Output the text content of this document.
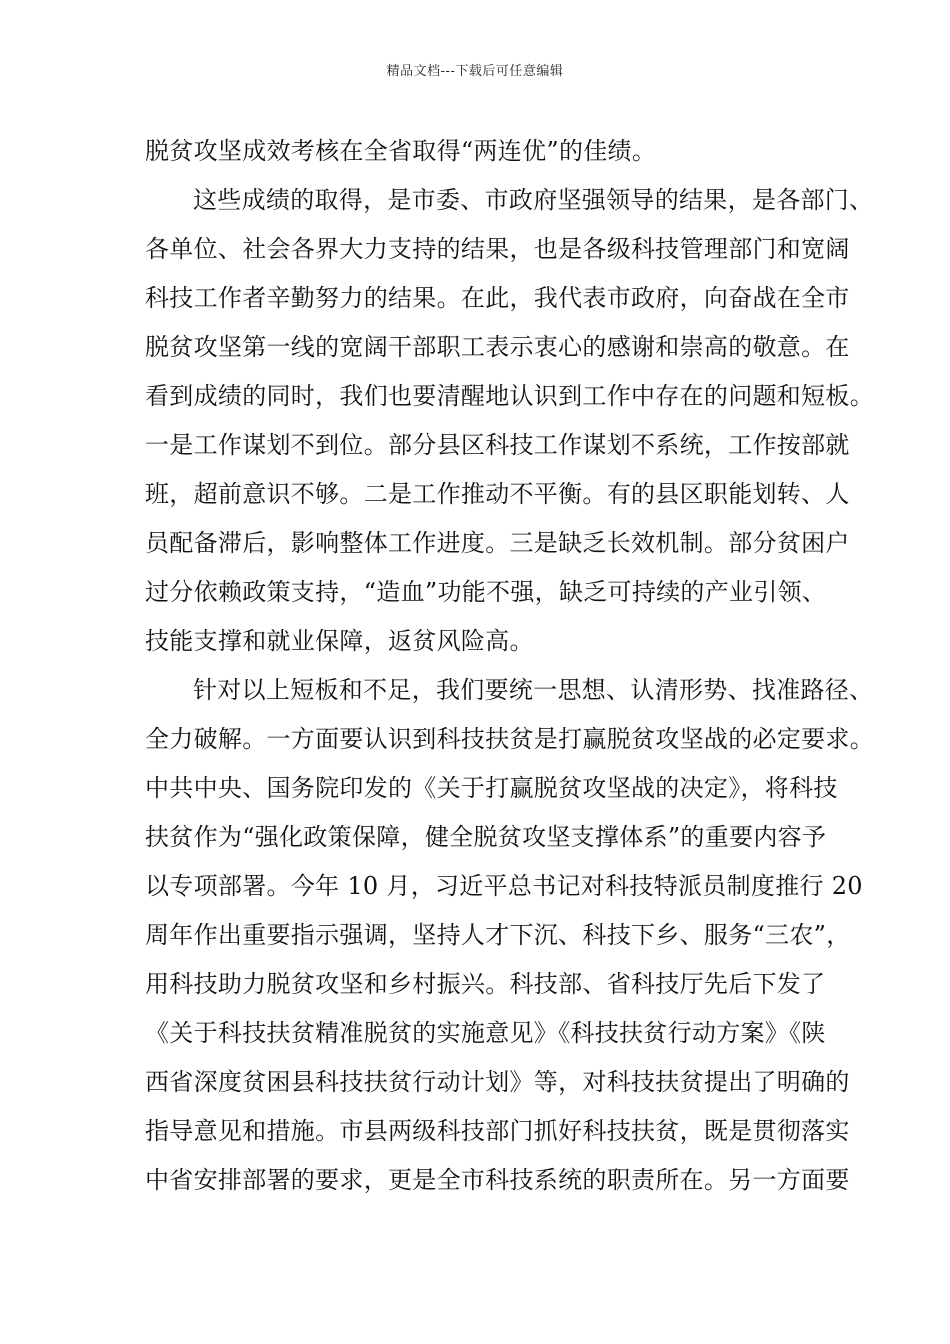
精品文档---下载后可任意编辑
脱贫攻坚成效考核在全省取得“两连优”的佳绩。
这些成绩的取得，是市委、市政府坚强领导的结果，是各部门、
各单位、社会各界大力支持的结果，也是各级科技管理部门和宽阔
科技工作者辛勤努力的结果。在此，我代表市政府，向奋战在全市
脱贫攻坚第一线的宽阔干部职工表示衷心的感谢和崇高的敬意。在
看到成绩的同时，我们也要清醒地认识到工作中存在的问题和短板。
一是工作谋划不到位。部分县区科技工作谋划不系统，工作按部就
班，超前意识不够。二是工作推动不平衡。有的县区职能划转、人
员配备滞后，影响整体工作进度。三是缺乏长效机制。部分贫困户
过分依赖政策支持，“造血”功能不强，缺乏可持续的产业引领、
技能支撑和就业保障，返贫风险高。
针对以上短板和不足，我们要统一思想、认清形势、找准路径、
全力破解。一方面要认识到科技扶贫是打赢脱贫攻坚战的必定要求。
中共中央、国务院印发的《关于打赢脱贫攻坚战的决定》，将科技
扶贫作为“强化政策保障，健全脱贫攻坚支撑体系”的重要内容予
以专项部署。今年 10 月，习近平总书记对科技特派员制度推行 20
周年作出重要指示强调，坚持人才下沉、科技下乡、服务“三农”，
用科技助力脱贫攻坚和乡村振兴。科技部、省科技厅先后下发了
《关于科技扶贫精准脱贫的实施意见》《科技扶贫行动方案》《陕
西省深度贫困县科技扶贫行动计划》等，对科技扶贫提出了明确的
指导意见和措施。市县两级科技部门抓好科技扶贫，既是贯彻落实
中省安排部署的要求，更是全市科技系统的职责所在。另一方面要
